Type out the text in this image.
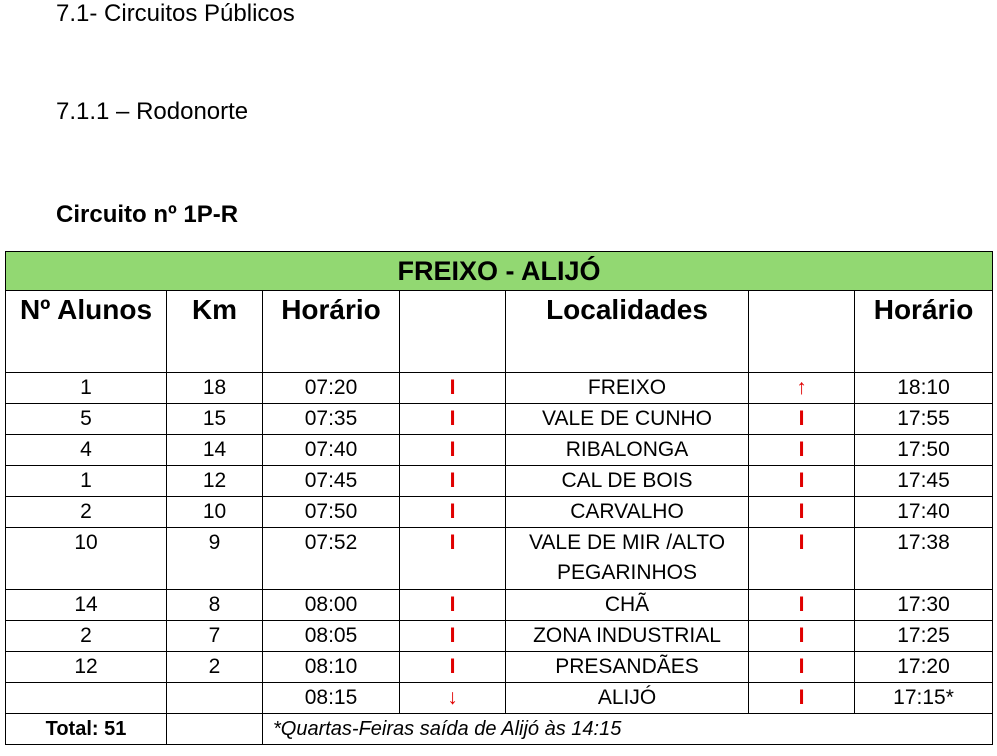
7.1- Circuitos Públicos
7.1.1 – Rodonorte
Circuito nº 1P-R
FREIXO - ALIJÓ						
Nº Alunos	Km	Horário		Localidades		Horário
1	18	07:20	I	FREIXO	↑	18:10
5	15	07:35	I	VALE DE CUNHO	I	17:55
4	14	07:40	I	RIBALONGA	I	17:50
1	12	07:45	I	CAL DE BOIS	I	17:45
2	10	07:50	I	CARVALHO	I	17:40
10	9	07:52	I	VALE DE MIR /ALTO PEGARINHOS	I	17:38
14	8	08:00	I	CHÃ	I	17:30
2	7	08:05	I	ZONA INDUSTRIAL	I	17:25
12	2	08:10	I	PRESANDÃES	I	17:20
		08:15	↓	ALIJÓ	I	17:15*
Total: 51		*Quartas-Feiras saída de Alijó às 14:15				
